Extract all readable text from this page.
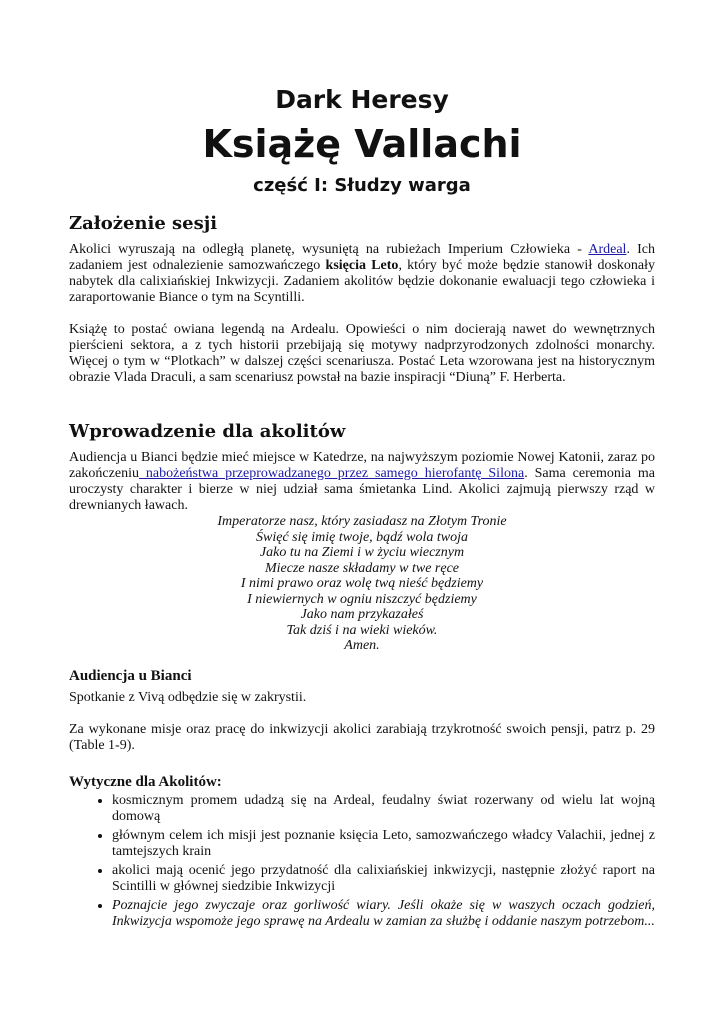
Dark Heresy
Książę Vallachi
część I: Słudzy warga
Założenie sesji

Akolici wyruszają na odległą planetę, wysuniętą na rubieżach Imperium Człowieka - Ardeal. Ich zadaniem jest odnalezienie samozwańczego księcia Leto, który być może będzie stanowił doskonały nabytek dla calixiańskiej Inkwizycji. Zadaniem akolitów będzie dokonanie ewaluacji tego człowieka i zaraportowanie Biance o tym na Scyntilli.

Książę to postać owiana legendą na Ardealu. Opowieści o nim docierają nawet do wewnętrznych pierścieni sektora, a z tych historii przebijają się motywy nadprzyrodzonych zdolności monarchy. Więcej o tym w “Plotkach” w dalszej części scenariusza. Postać Leta wzorowana jest na historycznym obrazie Vlada Draculi, a sam scenariusz powstał na bazie inspiracji “Diuną” F. Herberta.

Wprowadzenie dla akolitów

Audiencja u Bianci będzie mieć miejsce w Katedrze, na najwyższym poziomie Nowej Katonii, zaraz po zakończeniu nabożeństwa przeprowadzanego przez samego hierofantę Silona. Sama ceremonia ma uroczysty charakter i bierze w niej udział sama śmietanka Lind. Akolici zajmują pierwszy rząd w drewnianych ławach.

Imperatorze nasz, który zasiadasz na Złotym Tronie
Święć się imię twoje, bądź wola twoja
Jako tu na Ziemi i w życiu wiecznym
Miecze nasze składamy w twe ręce
I nimi prawo oraz wolę twą nieść będziemy
I niewiernych w ogniu niszczyć będziemy
Jako nam przykazałeś
Tak dziś i na wieki wieków.
Amen.
Audiencja u Bianci

Spotkanie z Vivą odbędzie się w zakrystii.

Za wykonane misje oraz pracę do inkwizycji akolici zarabiają trzykrotność swoich pensji, patrz p. 29 (Table 1-9).

Wytyczne dla Akolitów:
• kosmicznym promem udadzą się na Ardeal, feudalny świat rozerwany od wielu lat wojną domową
• głównym celem ich misji jest poznanie księcia Leto, samozwańczego władcy Valachii, jednej z tamtejszych krain
• akolici mają ocenić jego przydatność dla calixiańskiej inkwizycji, następnie złożyć raport na Scintilli w głównej siedzibie Inkwizycji
• Poznajcie jego zwyczaje oraz gorliwość wiary. Jeśli okaże się w waszych oczach godzień, Inkwizycja wspomoże jego sprawę na Ardealu w zamian za służbę i oddanie naszym potrzebom...
